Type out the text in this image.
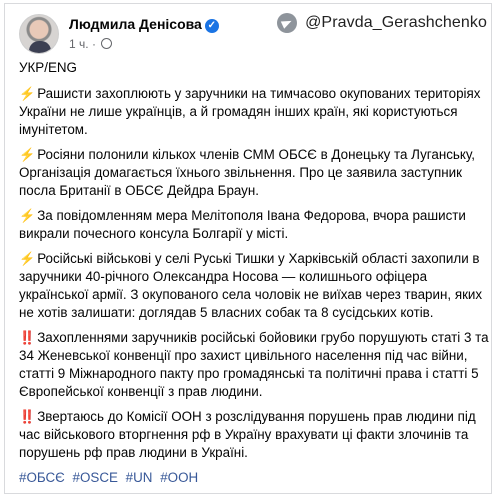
Людмила Денісова ✓
1 ч. ·
@Pravda_Gerashchenko
УКР/ENG
⚡ Рашисти захоплюють у заручники на тимчасово окупованих територіях України не лише українців, а й громадян інших країн, які користуються імунітетом.
⚡ Росіяни полонили кількох членів СММ ОБСЄ в Донецьку та Луганську, Організація домагається їхнього звільнення. Про це заявила заступник посла Британії в ОБСЄ Дейдра Браун.
⚡ За повідомленням мера Мелітополя Івана Федорова, вчора рашисти викрали почесного консула Болгарії у місті.
⚡ Російські військові у селі Руські Тишки у Харківській області захопили в заручники 40-річного Олександра Носова — колишнього офіцера української армії. З окупованого села чоловік не виїхав через тварин, яких не хотів залишати: доглядав 5 власних собак та 8 сусідських котів.
‼️ Захопленнями заручників російські бойовики грубо порушують статі 3 та 34 Женевської конвенції про захист цивільного населення під час війни, статті 9 Міжнародного пакту про громадянські та політичні права і статті 5 Європейської конвенції з прав людини.
‼️ Звертаюсь до Комісії ООН з розслідування порушень прав людини під час військового вторгнення рф в Україну врахувати ці факти злочинів та порушень рф прав людини в Україні.
#ОБСЄ #OSCE #UN #ООН
